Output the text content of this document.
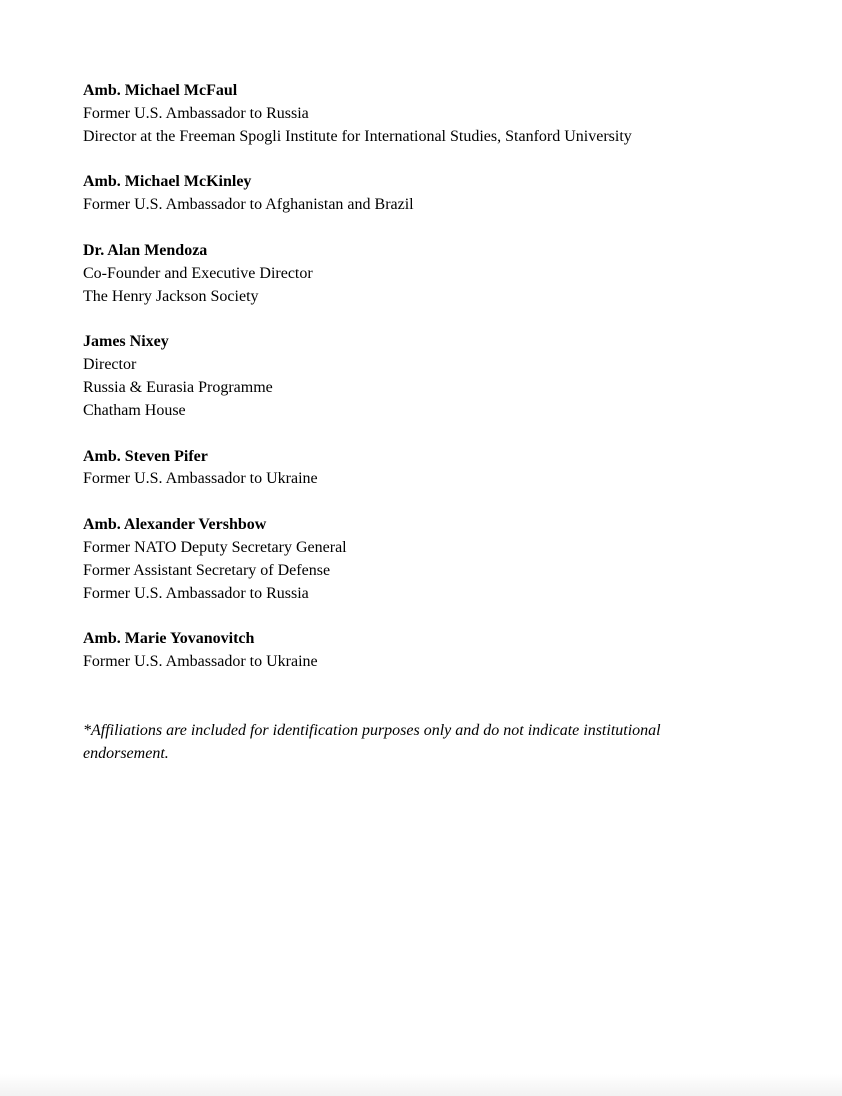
Amb. Michael McFaul
Former U.S. Ambassador to Russia
Director at the Freeman Spogli Institute for International Studies, Stanford University
Amb. Michael McKinley
Former U.S. Ambassador to Afghanistan and Brazil
Dr. Alan Mendoza
Co-Founder and Executive Director
The Henry Jackson Society
James Nixey
Director
Russia & Eurasia Programme
Chatham House
Amb. Steven Pifer
Former U.S. Ambassador to Ukraine
Amb. Alexander Vershbow
Former NATO Deputy Secretary General
Former Assistant Secretary of Defense
Former U.S. Ambassador to Russia
Amb. Marie Yovanovitch
Former U.S. Ambassador to Ukraine
*Affiliations are included for identification purposes only and do not indicate institutional endorsement.
